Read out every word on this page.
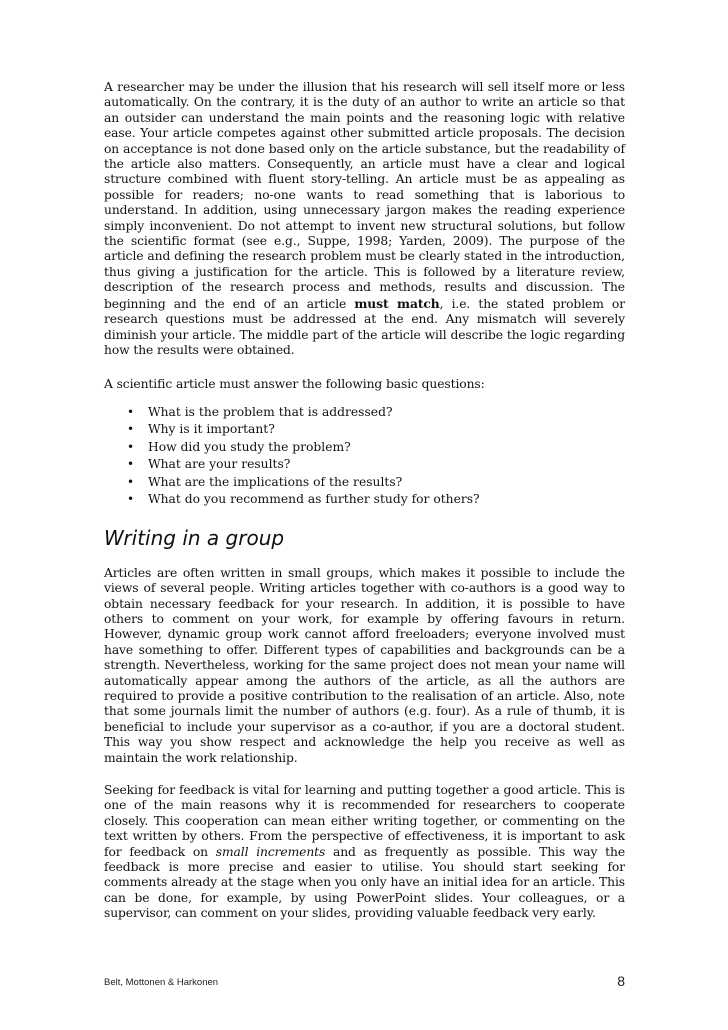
A researcher may be under the illusion that his research will sell itself more or less automatically. On the contrary, it is the duty of an author to write an article so that an outsider can understand the main points and the reasoning logic with relative ease. Your article competes against other submitted article proposals. The decision on acceptance is not done based only on the article substance, but the readability of the article also matters. Consequently, an article must have a clear and logical structure combined with fluent story-telling. An article must be as appealing as possible for readers; no-one wants to read something that is laborious to understand. In addition, using unnecessary jargon makes the reading experience simply inconvenient. Do not attempt to invent new structural solutions, but follow the scientific format (see e.g., Suppe, 1998; Yarden, 2009). The purpose of the article and defining the research problem must be clearly stated in the introduction, thus giving a justification for the article. This is followed by a literature review, description of the research process and methods, results and discussion. The beginning and the end of an article must match, i.e. the stated problem or research questions must be addressed at the end. Any mismatch will severely diminish your article. The middle part of the article will describe the logic regarding how the results were obtained.

A scientific article must answer the following basic questions:

• What is the problem that is addressed?
• Why is it important?
• How did you study the problem?
• What are your results?
• What are the implications of the results?
• What do you recommend as further study for others?
Writing in a group

Articles are often written in small groups, which makes it possible to include the views of several people. Writing articles together with co-authors is a good way to obtain necessary feedback for your research. In addition, it is possible to have others to comment on your work, for example by offering favours in return. However, dynamic group work cannot afford freeloaders; everyone involved must have something to offer. Different types of capabilities and backgrounds can be a strength. Nevertheless, working for the same project does not mean your name will automatically appear among the authors of the article, as all the authors are required to provide a positive contribution to the realisation of an article. Also, note that some journals limit the number of authors (e.g. four). As a rule of thumb, it is beneficial to include your supervisor as a co-author, if you are a doctoral student. This way you show respect and acknowledge the help you receive as well as maintain the work relationship.

Seeking for feedback is vital for learning and putting together a good article. This is one of the main reasons why it is recommended for researchers to cooperate closely. This cooperation can mean either writing together, or commenting on the text written by others. From the perspective of effectiveness, it is important to ask for feedback on small increments and as frequently as possible. This way the feedback is more precise and easier to utilise. You should start seeking for comments already at the stage when you only have an initial idea for an article. This can be done, for example, by using PowerPoint slides. Your colleagues, or a supervisor, can comment on your slides, providing valuable feedback very early.

Belt, Mottonen & Harkonen	8
